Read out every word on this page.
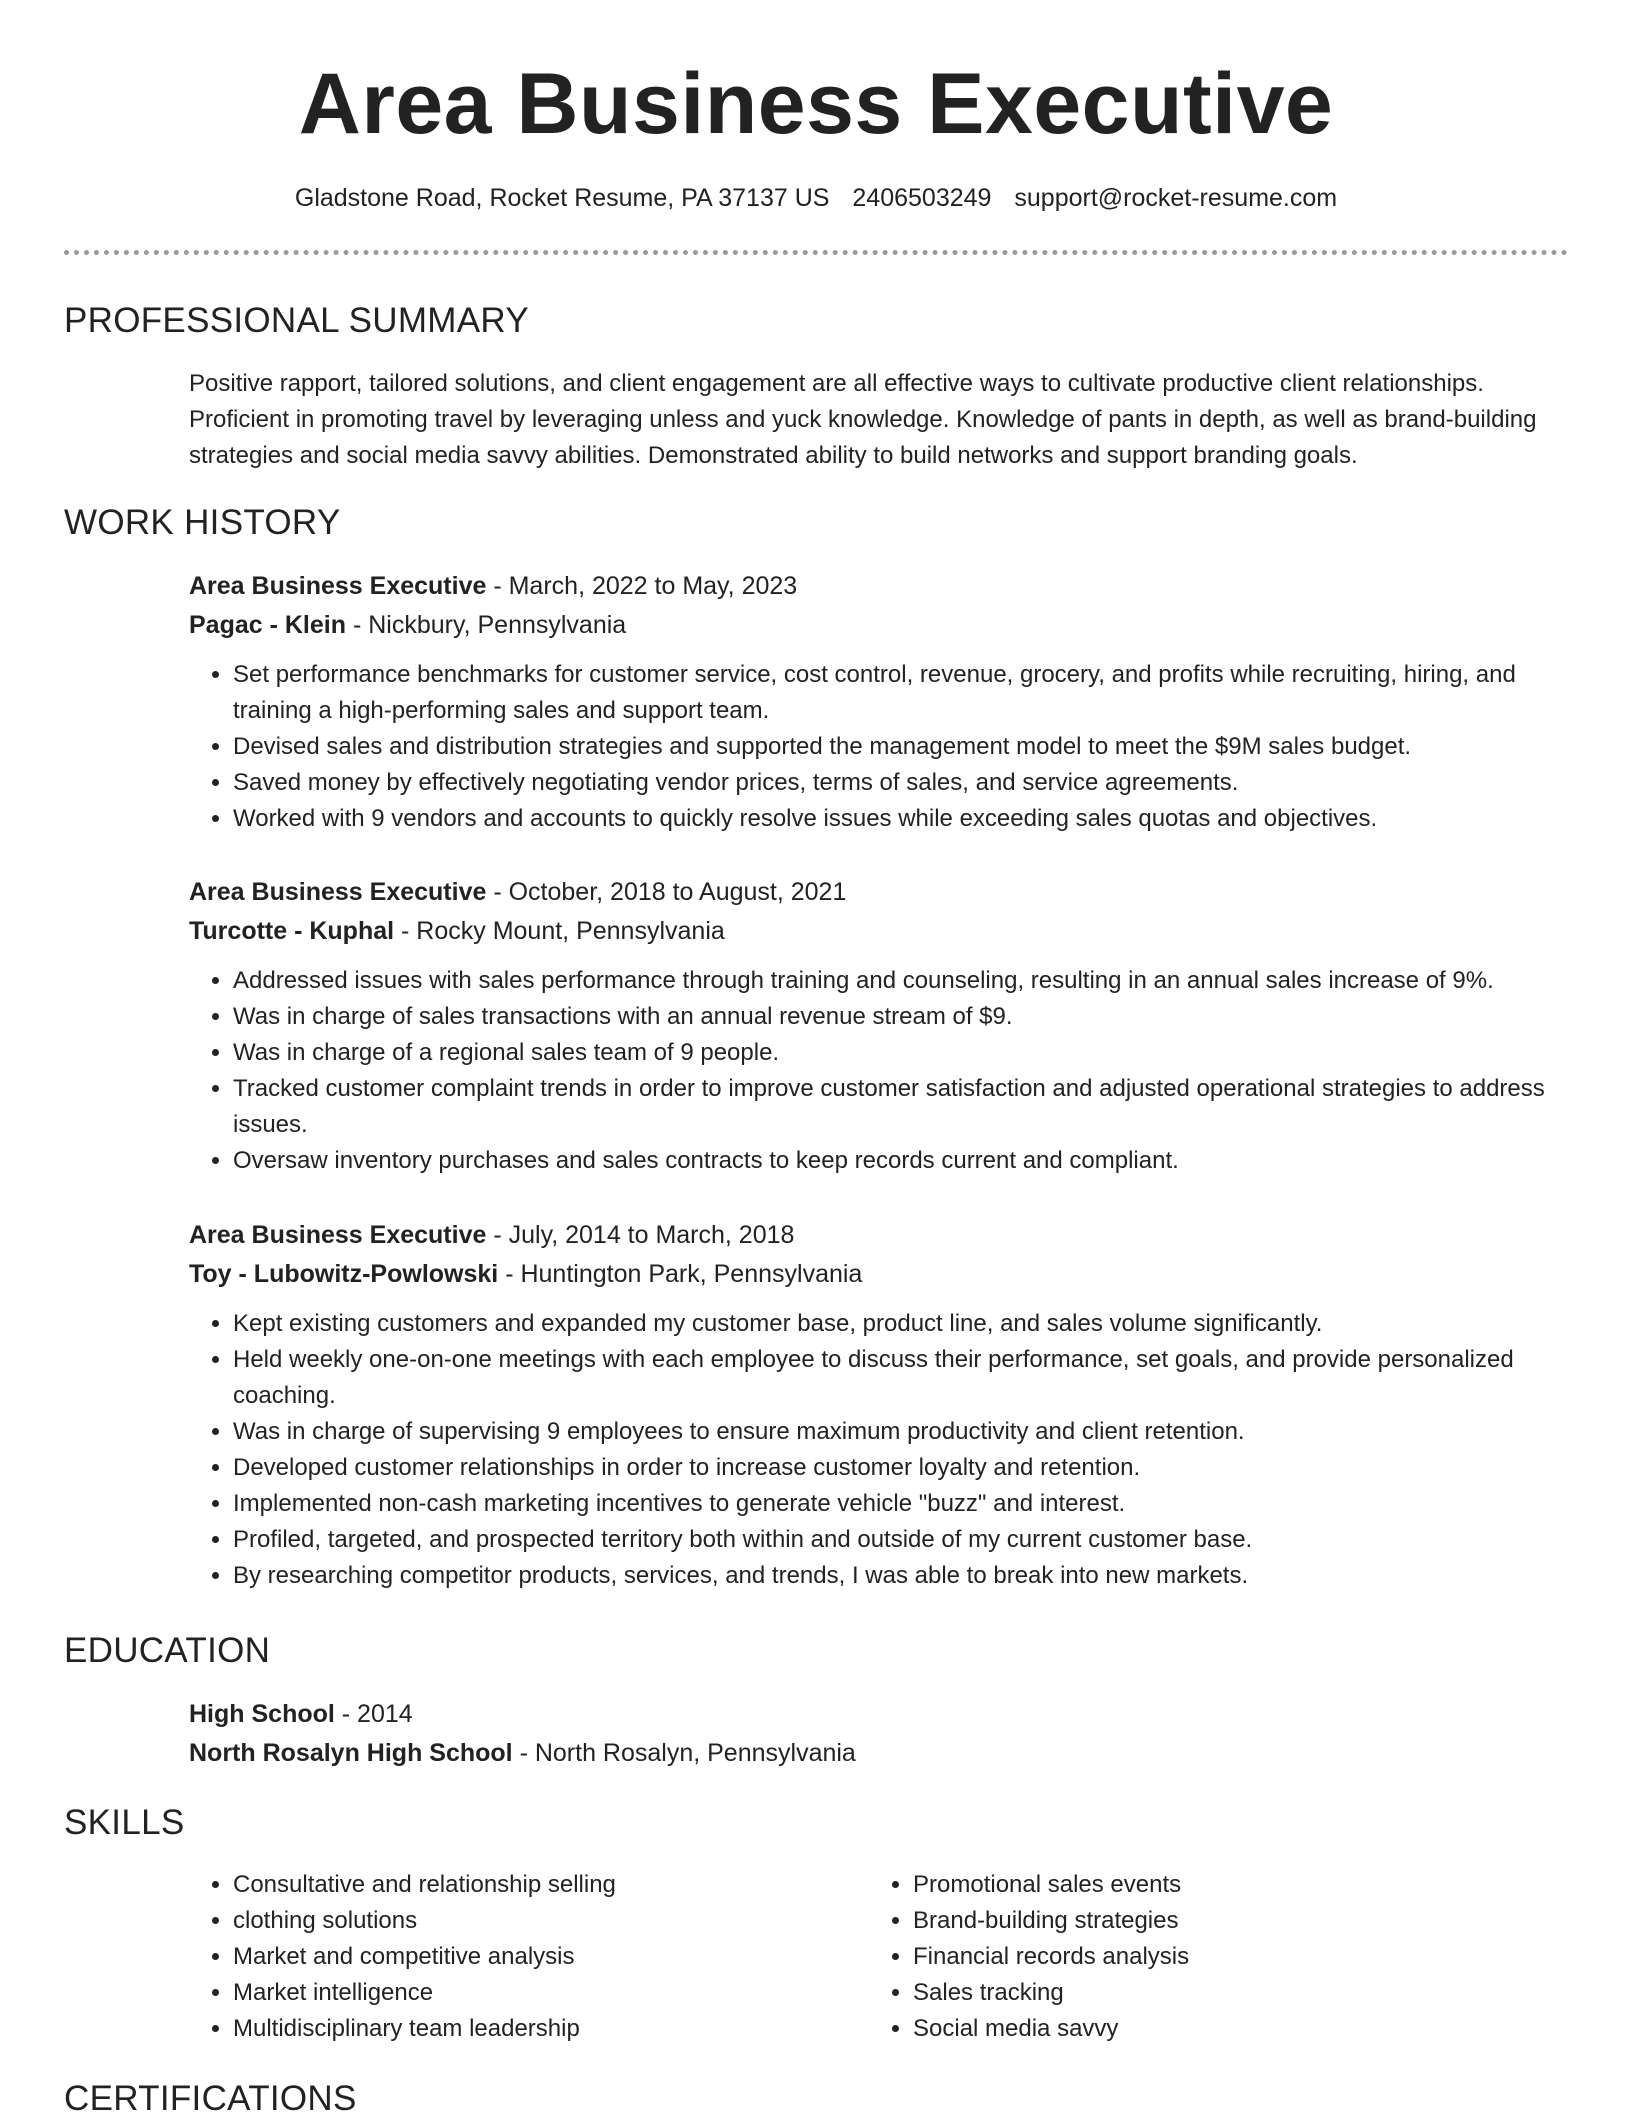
Area Business Executive
Gladstone Road, Rocket Resume, PA 37137 US 2406503249 support@rocket-resume.com
PROFESSIONAL SUMMARY
Positive rapport, tailored solutions, and client engagement are all effective ways to cultivate productive client relationships. Proficient in promoting travel by leveraging unless and yuck knowledge. Knowledge of pants in depth, as well as brand-building strategies and social media savvy abilities. Demonstrated ability to build networks and support branding goals.
WORK HISTORY
Area Business Executive - March, 2022 to May, 2023
Pagac - Klein - Nickbury, Pennsylvania
• Set performance benchmarks for customer service, cost control, revenue, grocery, and profits while recruiting, hiring, and training a high-performing sales and support team.
• Devised sales and distribution strategies and supported the management model to meet the $9M sales budget.
• Saved money by effectively negotiating vendor prices, terms of sales, and service agreements.
• Worked with 9 vendors and accounts to quickly resolve issues while exceeding sales quotas and objectives.
Area Business Executive - October, 2018 to August, 2021
Turcotte - Kuphal - Rocky Mount, Pennsylvania
• Addressed issues with sales performance through training and counseling, resulting in an annual sales increase of 9%.
• Was in charge of sales transactions with an annual revenue stream of $9.
• Was in charge of a regional sales team of 9 people.
• Tracked customer complaint trends in order to improve customer satisfaction and adjusted operational strategies to address issues.
• Oversaw inventory purchases and sales contracts to keep records current and compliant.
Area Business Executive - July, 2014 to March, 2018
Toy - Lubowitz-Powlowski - Huntington Park, Pennsylvania
• Kept existing customers and expanded my customer base, product line, and sales volume significantly.
• Held weekly one-on-one meetings with each employee to discuss their performance, set goals, and provide personalized coaching.
• Was in charge of supervising 9 employees to ensure maximum productivity and client retention.
• Developed customer relationships in order to increase customer loyalty and retention.
• Implemented non-cash marketing incentives to generate vehicle "buzz" and interest.
• Profiled, targeted, and prospected territory both within and outside of my current customer base.
• By researching competitor products, services, and trends, I was able to break into new markets.
EDUCATION
High School - 2014
North Rosalyn High School - North Rosalyn, Pennsylvania
SKILLS
• Consultative and relationship selling
• clothing solutions
• Market and competitive analysis
• Market intelligence
• Multidisciplinary team leadership
• Promotional sales events
• Brand-building strategies
• Financial records analysis
• Sales tracking
• Social media savvy
CERTIFICATIONS
